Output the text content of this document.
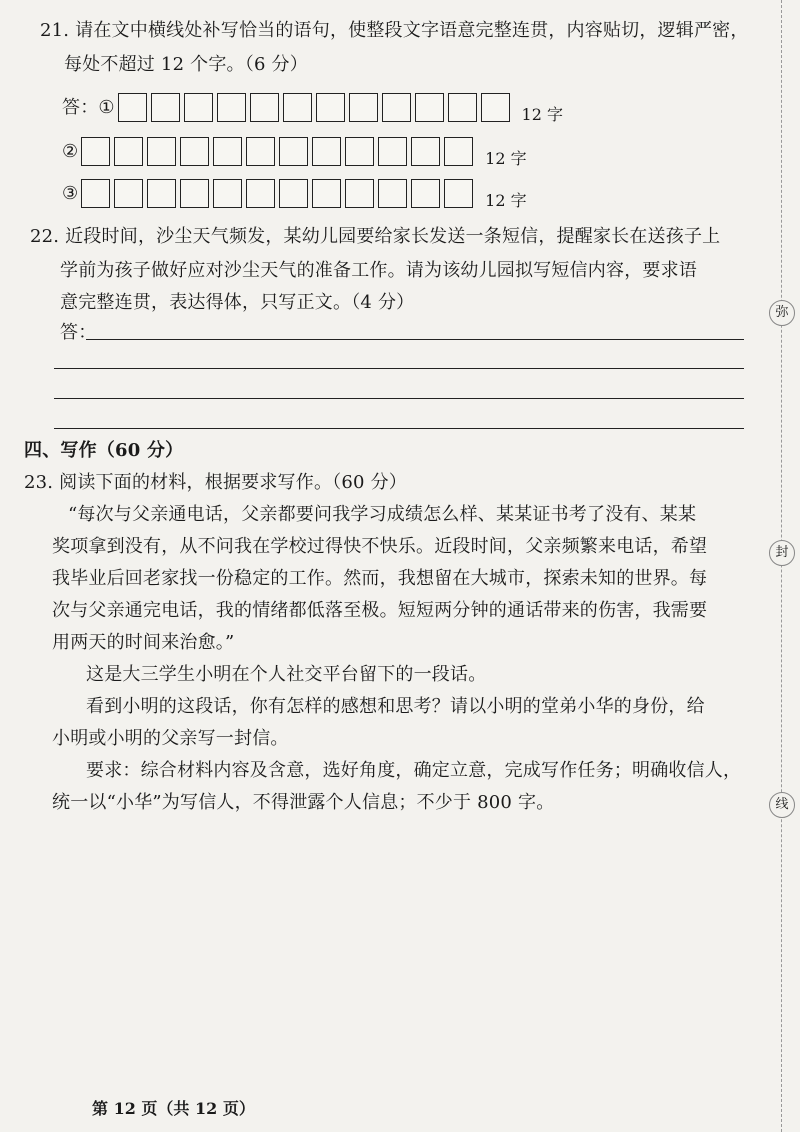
21. 请在文中横线处补写恰当的语句，使整段文字语意完整连贯，内容贴切，逻辑严密，
每处不超过 12 个字。（6 分）
答： ①	12 字
②	12 字
③	12 字
22. 近段时间，沙尘天气频发，某幼儿园要给家长发送一条短信，提醒家长在送孩子上
学前为孩子做好应对沙尘天气的准备工作。请为该幼儿园拟写短信内容，要求语
意完整连贯，表达得体，只写正文。（4 分）
答：
四、写作（60 分）
23. 阅读下面的材料，根据要求写作。（60 分）
“每次与父亲通电话，父亲都要问我学习成绩怎么样、某某证书考了没有、某某
奖项拿到没有，从不问我在学校过得快不快乐。近段时间，父亲频繁来电话，希望
我毕业后回老家找一份稳定的工作。然而，我想留在大城市，探索未知的世界。每
次与父亲通完电话，我的情绪都低落至极。短短两分钟的通话带来的伤害，我需要
用两天的时间来治愈。”
这是大三学生小明在个人社交平台留下的一段话。
看到小明的这段话，你有怎样的感想和思考？请以小明的堂弟小华的身份，给
小明或小明的父亲写一封信。
要求：综合材料内容及含意，选好角度，确定立意，完成写作任务；明确收信人，
统一以“小华”为写信人，不得泄露个人信息；不少于 800 字。
弥
封
线
第 12 页（共 12 页）
